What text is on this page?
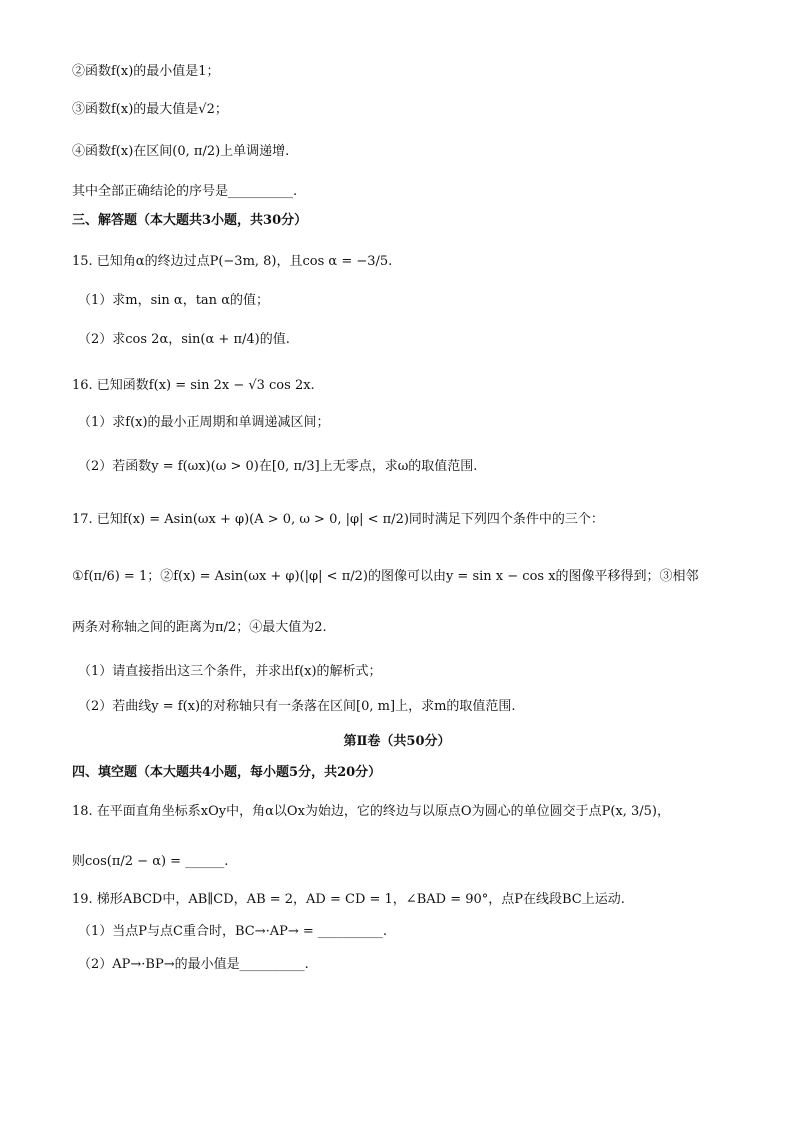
②函数f(x)的最小值是1；
③函数f(x)的最大值是√2；
④函数f(x)在区间(0, π/2)上单调递增.
其中全部正确结论的序号是__________.
三、解答题（本大题共3小题，共30分）
15. 已知角α的终边过点P(−3m, 8)，且cos α = −3/5.
（1）求m，sin α，tan α的值；
（2）求cos 2α，sin(α + π/4)的值.
16. 已知函数f(x) = sin 2x − √3 cos 2x.
（1）求f(x)的最小正周期和单调递减区间；
（2）若函数y = f(ωx)(ω > 0)在[0, π/3]上无零点，求ω的取值范围.
17. 已知f(x) = Asin(ωx + φ)(A > 0, ω > 0, |φ| < π/2)同时满足下列四个条件中的三个：
①f(π/6) = 1；②f(x) = Asin(ωx + φ)(|φ| < π/2)的图像可以由y = sin x − cos x的图像平移得到；③相邻
两条对称轴之间的距离为π/2；④最大值为2.
（1）请直接指出这三个条件，并求出f(x)的解析式；
（2）若曲线y = f(x)的对称轴只有一条落在区间[0, m]上，求m的取值范围.
第Ⅱ卷（共50分）
四、填空题（本大题共4小题，每小题5分，共20分）
18. 在平面直角坐标系xOy中，角α以Ox为始边，它的终边与以原点O为圆心的单位圆交于点P(x, 3/5)，
则cos(π/2 − α) = ______.
19. 梯形ABCD中，AB∥CD，AB = 2，AD = CD = 1，∠BAD = 90°，点P在线段BC上运动.
（1）当点P与点C重合时，BC→·AP→ = __________.
（2）AP→·BP→的最小值是__________.
